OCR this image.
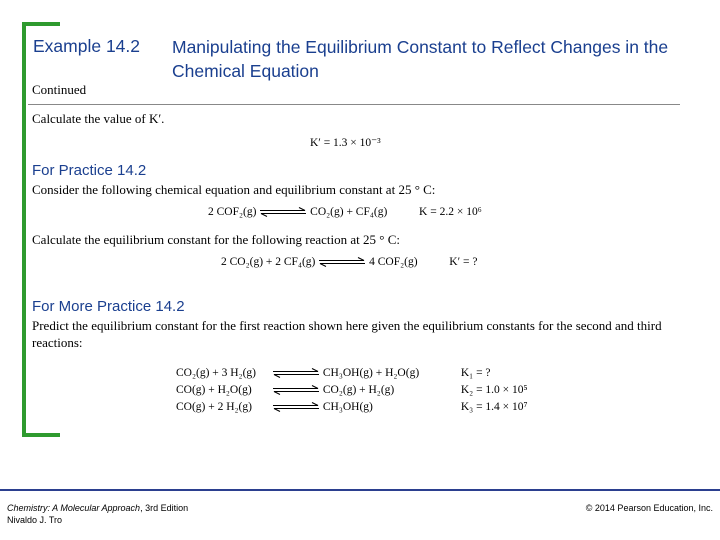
Example 14.2 Manipulating the Equilibrium Constant to Reflect Changes in the Chemical Equation
Continued
Calculate the value of K′.
K′ = 1.3 × 10⁻³
For Practice 14.2
Consider the following chemical equation and equilibrium constant at 25 ° C:
2 COF₂(g)	CO₂(g) + CF₄(g)	K = 2.2 × 10⁶
Calculate the equilibrium constant for the following reaction at 25 ° C:
2 CO₂(g) + 2 CF₄(g)	4 COF₂(g)	K′ = ?
For More Practice 14.2
Predict the equilibrium constant for the first reaction shown here given the equilibrium constants for the second and third reactions:
CO₂(g) + 3 H₂(g)	CH₃OH(g) + H₂O(g)	K₁ = ?
CO(g) + H₂O(g)	CO₂(g) + H₂(g)	K₂ = 1.0 × 10⁵
CO(g) + 2 H₂(g)	CH₃OH(g)	K₃ = 1.4 × 10⁷
Chemistry: A Molecular Approach, 3rd Edition
Nivaldo J. Tro
© 2014 Pearson Education, Inc.
